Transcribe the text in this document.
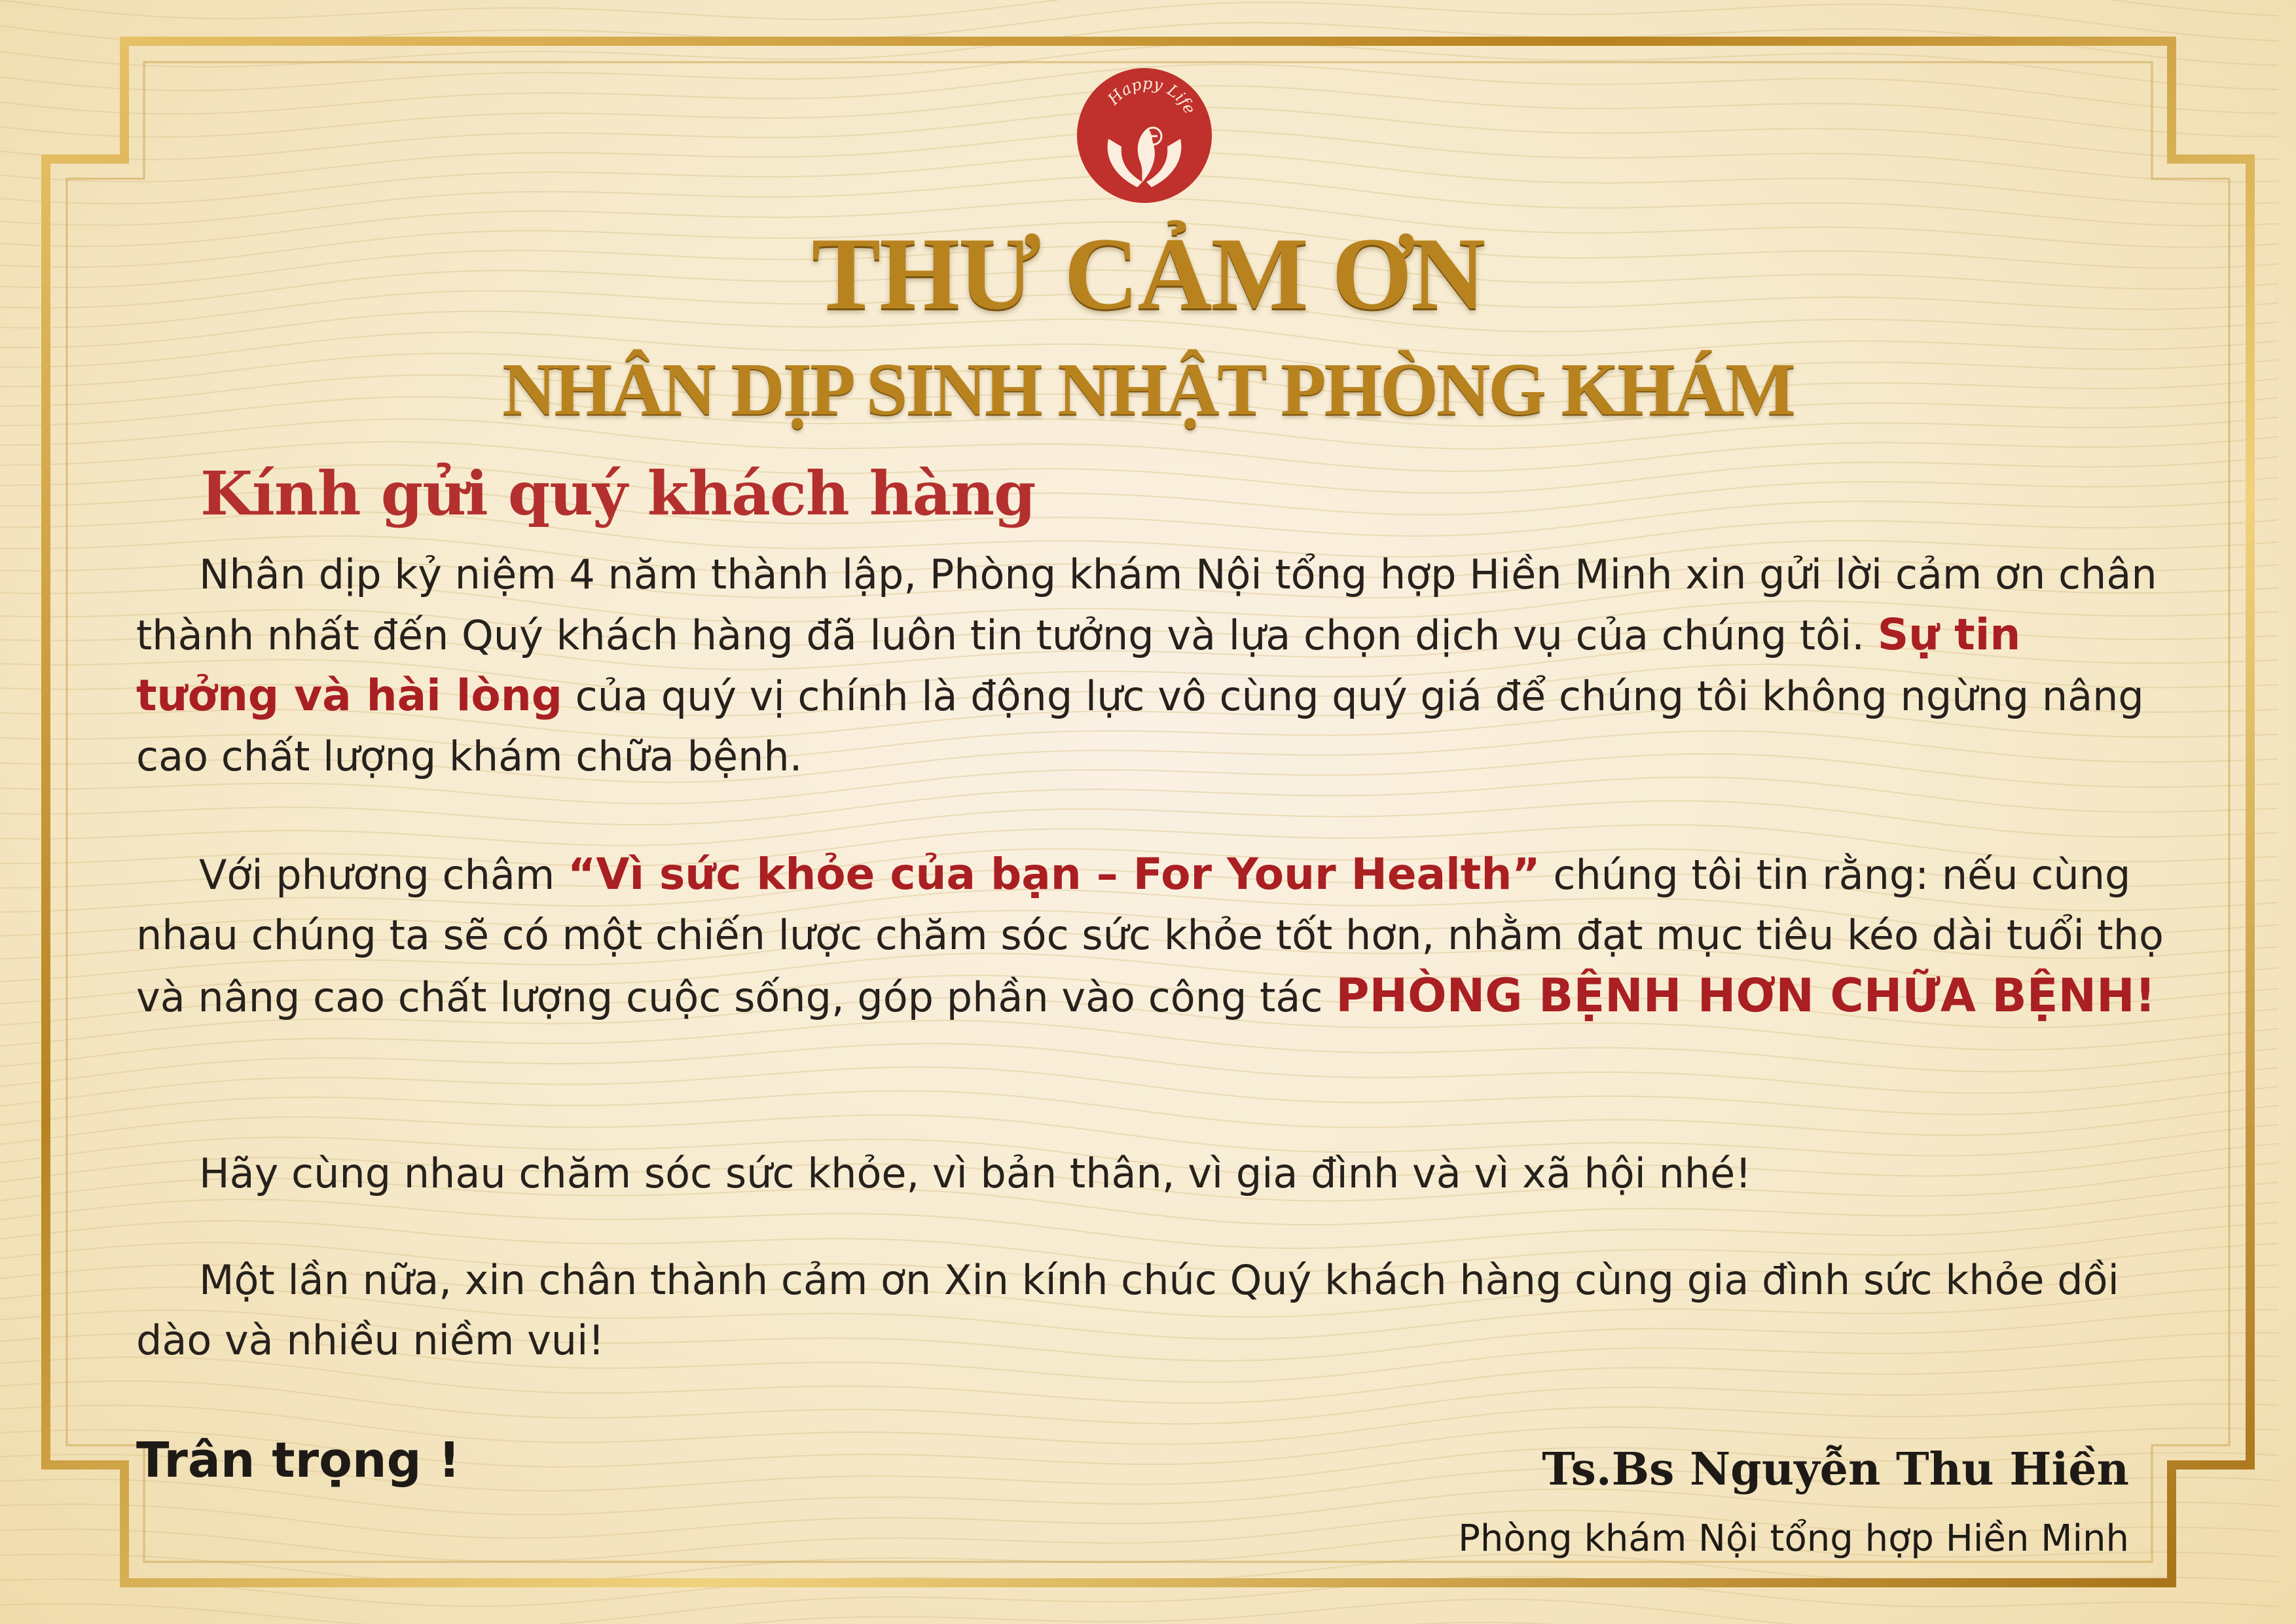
Happy Life
THƯ CẢM ƠN
NHÂN DỊP SINH NHẬT PHÒNG KHÁM
Kính gửi quý khách hàng

Nhân dịp kỷ niệm 4 năm thành lập, Phòng khám Nội tổng hợp Hiền Minh xin gửi lời cảm ơn chân thành nhất đến Quý khách hàng đã luôn tin tưởng và lựa chọn dịch vụ của chúng tôi. Sự tin tưởng và hài lòng của quý vị chính là động lực vô cùng quý giá để chúng tôi không ngừng nâng cao chất lượng khám chữa bệnh.

Với phương châm “Vì sức khỏe của bạn – For Your Health” chúng tôi tin rằng: nếu cùng nhau chúng ta sẽ có một chiến lược chăm sóc sức khỏe tốt hơn, nhằm đạt mục tiêu kéo dài tuổi thọ và nâng cao chất lượng cuộc sống, góp phần vào công tác PHÒNG BỆNH HƠN CHỮA BỆNH!

Hãy cùng nhau chăm sóc sức khỏe, vì bản thân, vì gia đình và vì xã hội nhé!

Một lần nữa, xin chân thành cảm ơn Xin kính chúc Quý khách hàng cùng gia đình sức khỏe dồi dào và nhiều niềm vui!

Trân trọng !	Ts.Bs Nguyễn Thu Hiền
Phòng khám Nội tổng hợp Hiền Minh
